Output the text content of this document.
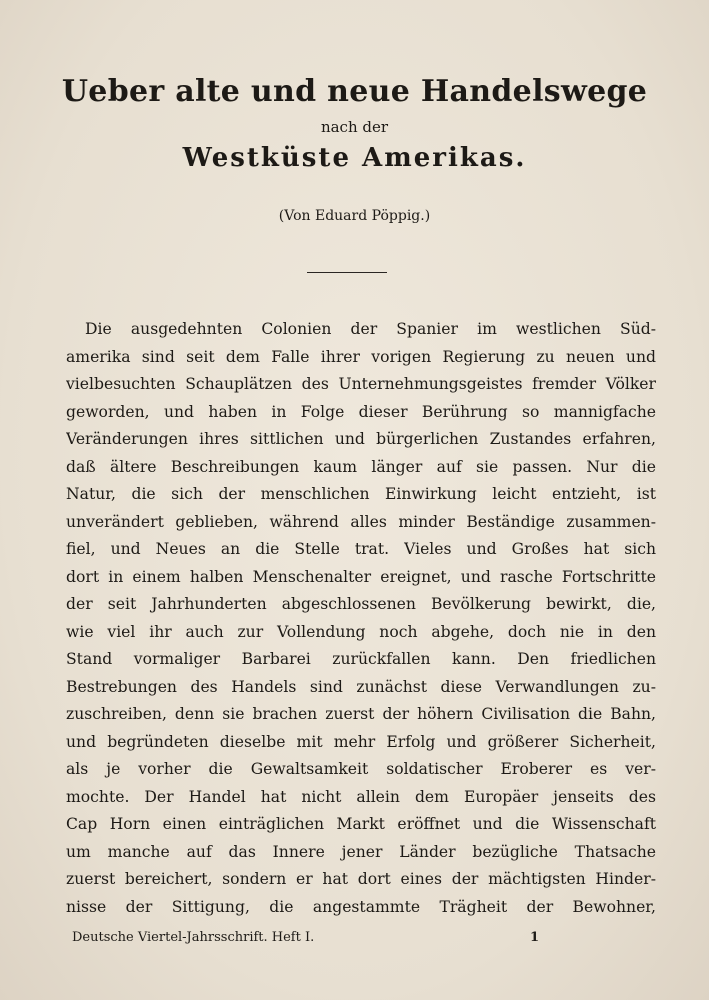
Ueber alte und neue Handelswege
nach der
Westküste Amerikas.
(Von Eduard Pöppig.)
Die ausgedehnten Colonien der Spanier im westlichen Süd-
amerika sind seit dem Falle ihrer vorigen Regierung zu neuen und
vielbesuchten Schauplätzen des Unternehmungsgeistes fremder Völker
geworden, und haben in Folge dieser Berührung so mannigfache
Veränderungen ihres sittlichen und bürgerlichen Zustandes erfahren,
daß ältere Beschreibungen kaum länger auf sie passen. Nur die
Natur, die sich der menschlichen Einwirkung leicht entzieht, ist
unverändert geblieben, während alles minder Beständige zusammen-
fiel, und Neues an die Stelle trat. Vieles und Großes hat sich
dort in einem halben Menschenalter ereignet, und rasche Fortschritte
der seit Jahrhunderten abgeschlossenen Bevölkerung bewirkt, die,
wie viel ihr auch zur Vollendung noch abgehe, doch nie in den
Stand vormaliger Barbarei zurückfallen kann. Den friedlichen
Bestrebungen des Handels sind zunächst diese Verwandlungen zu-
zuschreiben, denn sie brachen zuerst der höhern Civilisation die Bahn,
und begründeten dieselbe mit mehr Erfolg und größerer Sicherheit,
als je vorher die Gewaltsamkeit soldatischer Eroberer es ver-
mochte. Der Handel hat nicht allein dem Europäer jenseits des
Cap Horn einen einträglichen Markt eröffnet und die Wissenschaft
um manche auf das Innere jener Länder bezügliche Thatsache
zuerst bereichert, sondern er hat dort eines der mächtigsten Hinder-
nisse der Sittigung, die angestammte Trägheit der Bewohner,
Deutsche Viertel-Jahrsschrift. Heft I.	1
